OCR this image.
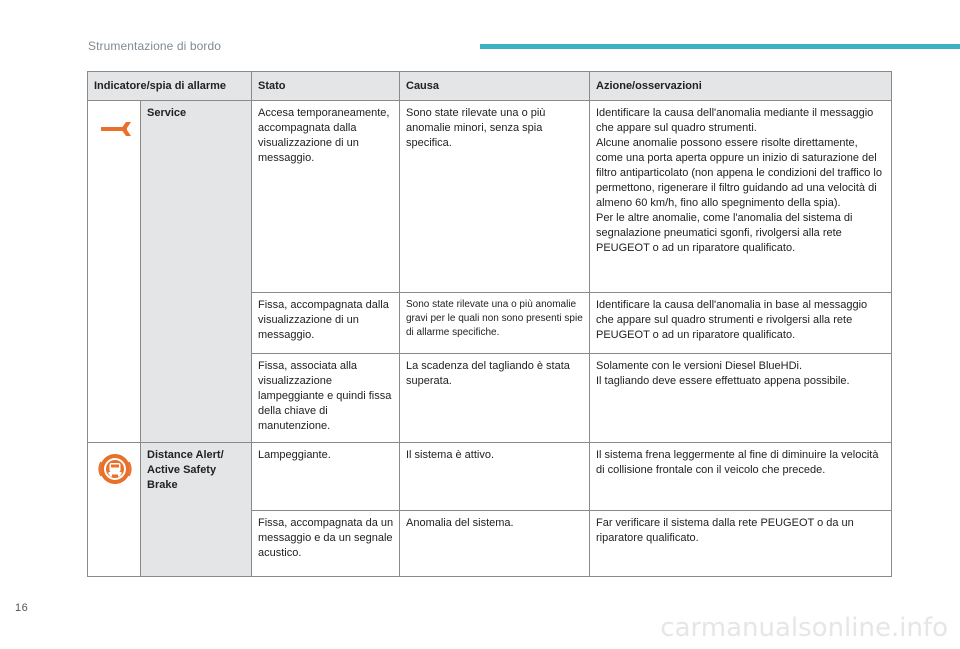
Strumentazione di bordo
Indicatore/spia di allarme		Stato	Causa	Azione/osservazioni
	Service	Accesa temporaneamente, accompagnata dalla visualizzazione di un messaggio.	Sono state rilevate una o più anomalie minori, senza spia specifica.	Identificare la causa dell'anomalia mediante il messaggio che appare sul quadro strumenti.
Alcune anomalie possono essere risolte direttamente, come una porta aperta oppure un inizio di saturazione del filtro antiparticolato (non appena le condizioni del traffico lo permettono, rigenerare il filtro guidando ad una velocità di almeno 60 km/h, fino allo spegnimento della spia).
Per le altre anomalie, come l'anomalia del sistema di segnalazione pneumatici sgonfi, rivolgersi alla rete PEUGEOT o ad un riparatore qualificato.
		Fissa, accompagnata dalla visualizzazione di un messaggio.	Sono state rilevate una o più anomalie gravi per le quali non sono presenti spie di allarme specifiche.	Identificare la causa dell'anomalia in base al messaggio che appare sul quadro strumenti e rivolgersi alla rete PEUGEOT o ad un riparatore qualificato.
		Fissa, associata alla visualizzazione lampeggiante e quindi fissa della chiave di manutenzione.	La scadenza del tagliando è stata superata.	Solamente con le versioni Diesel BlueHDi.
Il tagliando deve essere effettuato appena possibile.
	Distance Alert/ Active Safety Brake	Lampeggiante.	Il sistema è attivo.	Il sistema frena leggermente al fine di diminuire la velocità di collisione frontale con il veicolo che precede.
		Fissa, accompagnata da un messaggio e da un segnale acustico.	Anomalia del sistema.	Far verificare il sistema dalla rete PEUGEOT o da un riparatore qualificato.
16
carmanualsonline.info
